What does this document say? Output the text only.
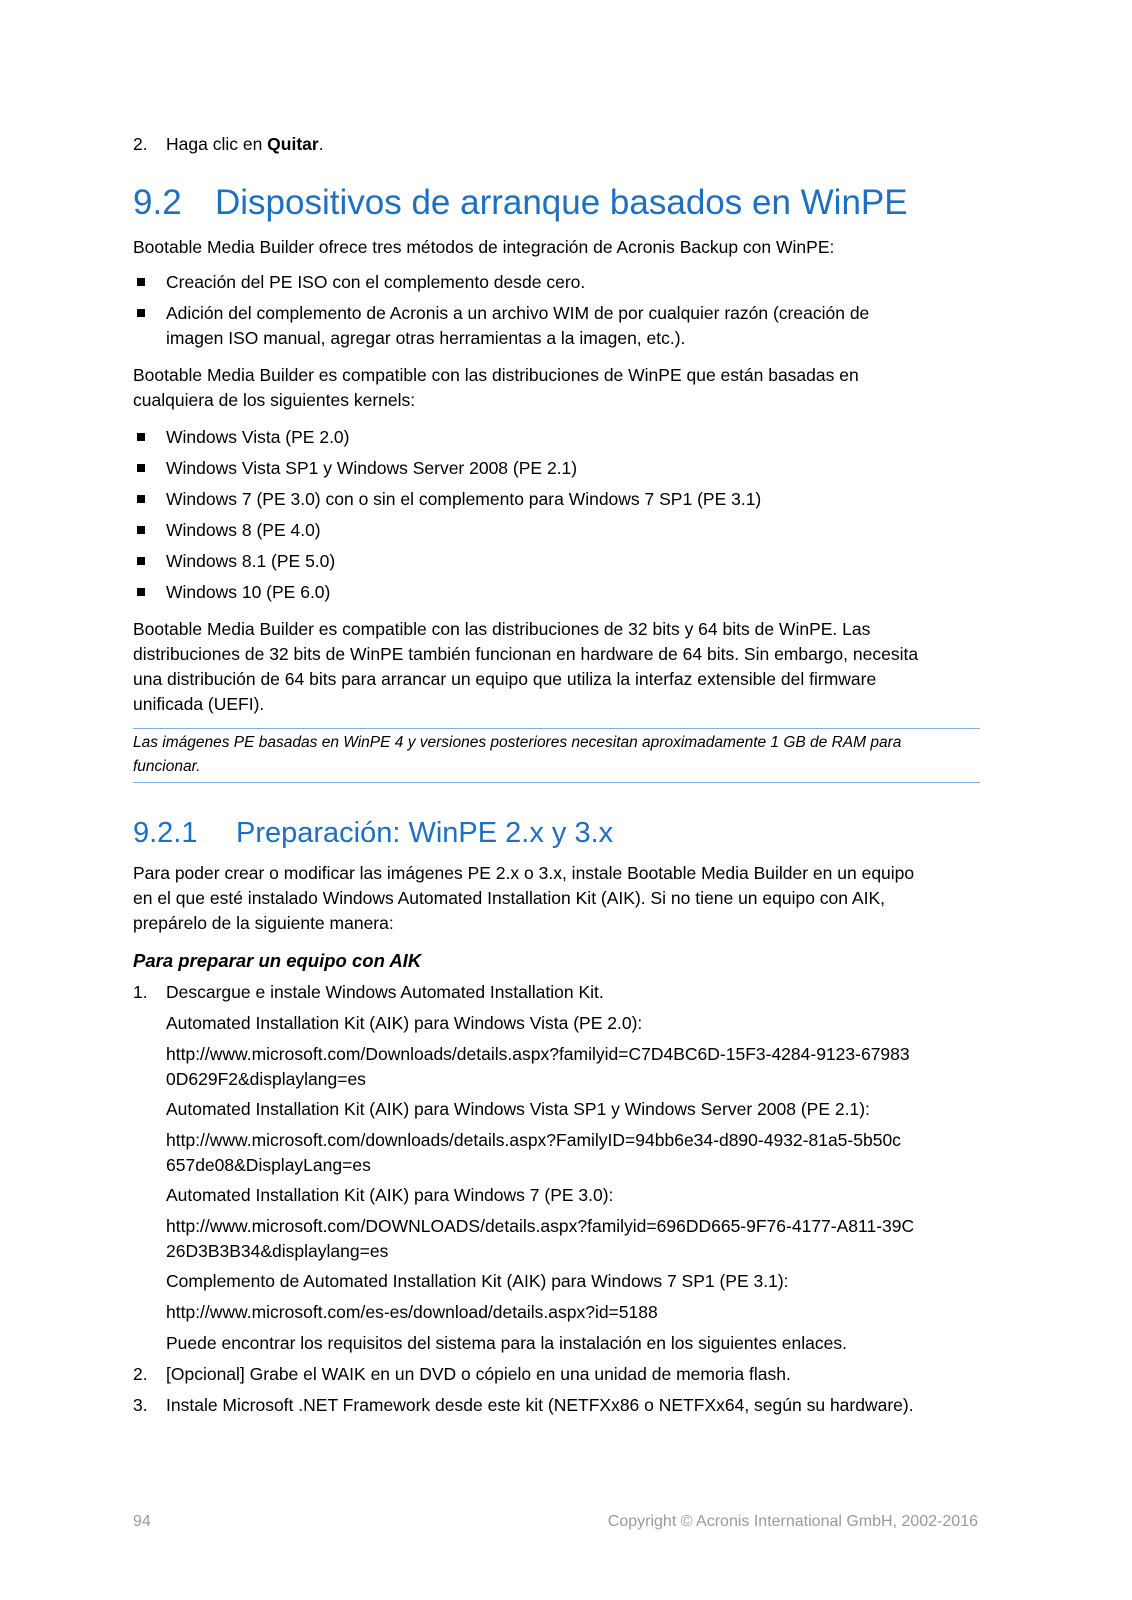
2. Haga clic en Quitar.
9.2 Dispositivos de arranque basados en WinPE
Bootable Media Builder ofrece tres métodos de integración de Acronis Backup con WinPE:
Creación del PE ISO con el complemento desde cero.
Adición del complemento de Acronis a un archivo WIM de por cualquier razón (creación de
imagen ISO manual, agregar otras herramientas a la imagen, etc.).
Bootable Media Builder es compatible con las distribuciones de WinPE que están basadas en
cualquiera de los siguientes kernels:
Windows Vista (PE 2.0)
Windows Vista SP1 y Windows Server 2008 (PE 2.1)
Windows 7 (PE 3.0) con o sin el complemento para Windows 7 SP1 (PE 3.1)
Windows 8 (PE 4.0)
Windows 8.1 (PE 5.0)
Windows 10 (PE 6.0)
Bootable Media Builder es compatible con las distribuciones de 32 bits y 64 bits de WinPE. Las
distribuciones de 32 bits de WinPE también funcionan en hardware de 64 bits. Sin embargo, necesita
una distribución de 64 bits para arrancar un equipo que utiliza la interfaz extensible del firmware
unificada (UEFI).
Las imágenes PE basadas en WinPE 4 y versiones posteriores necesitan aproximadamente 1 GB de RAM para
funcionar.
9.2.1 Preparación: WinPE 2.x y 3.x
Para poder crear o modificar las imágenes PE 2.x o 3.x, instale Bootable Media Builder en un equipo
en el que esté instalado Windows Automated Installation Kit (AIK). Si no tiene un equipo con AIK,
prepárelo de la siguiente manera:
Para preparar un equipo con AIK
1. Descargue e instale Windows Automated Installation Kit.
Automated Installation Kit (AIK) para Windows Vista (PE 2.0):
http://www.microsoft.com/Downloads/details.aspx?familyid=C7D4BC6D-15F3-4284-9123-67983
0D629F2&displaylang=es
Automated Installation Kit (AIK) para Windows Vista SP1 y Windows Server 2008 (PE 2.1):
http://www.microsoft.com/downloads/details.aspx?FamilyID=94bb6e34-d890-4932-81a5-5b50c
657de08&DisplayLang=es
Automated Installation Kit (AIK) para Windows 7 (PE 3.0):
http://www.microsoft.com/DOWNLOADS/details.aspx?familyid=696DD665-9F76-4177-A811-39C
26D3B3B34&displaylang=es
Complemento de Automated Installation Kit (AIK) para Windows 7 SP1 (PE 3.1):
http://www.microsoft.com/es-es/download/details.aspx?id=5188
Puede encontrar los requisitos del sistema para la instalación en los siguientes enlaces.
2. [Opcional] Grabe el WAIK en un DVD o cópielo en una unidad de memoria flash.
3. Instale Microsoft .NET Framework desde este kit (NETFXx86 o NETFXx64, según su hardware).
94	Copyright © Acronis International GmbH, 2002-2016
